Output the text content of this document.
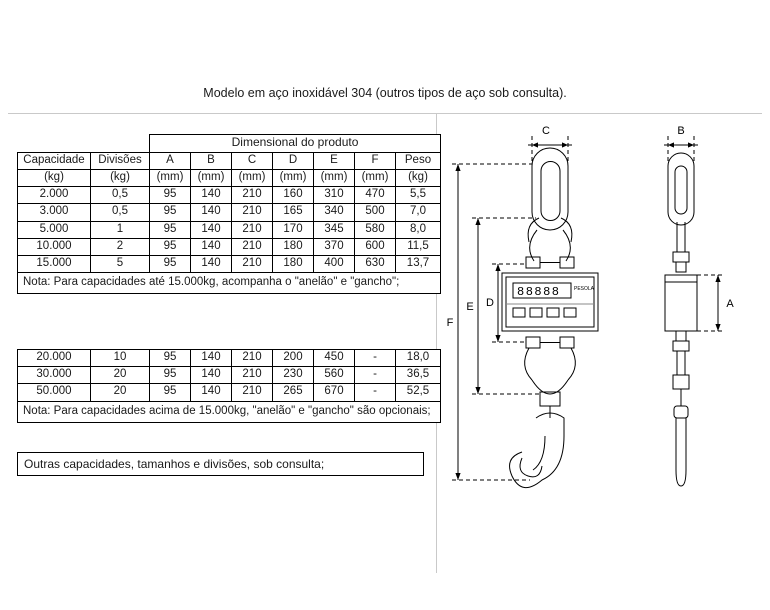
Modelo em aço inoxidável 304 (outros tipos de aço sob consulta).
		Dimensional do produto						
Capacidade	Divisões	A	B	C	D	E	F	Peso
(kg)	(kg)	(mm)	(mm)	(mm)	(mm)	(mm)	(mm)	(kg)
2.000	0,5	95	140	210	160	310	470	5,5
3.000	0,5	95	140	210	165	340	500	7,0
5.000	1	95	140	210	170	345	580	8,0
10.000	2	95	140	210	180	370	600	11,5
15.000	5	95	140	210	180	400	630	13,7
Nota: Para capacidades até 15.000kg, acompanha o "anelão" e "gancho";								
20.000	10	95	140	210	200	450	-	18,0
30.000	20	95	140	210	230	560	-	36,5
50.000	20	95	140	210	265	670	-	52,5
Nota: Para capacidades acima de 15.000kg, "anelão" e "gancho" são opcionais;								
Outras capacidades, tamanhos e divisões, sob consulta;
88888	PESOLA
C	B
D
E
F
A
